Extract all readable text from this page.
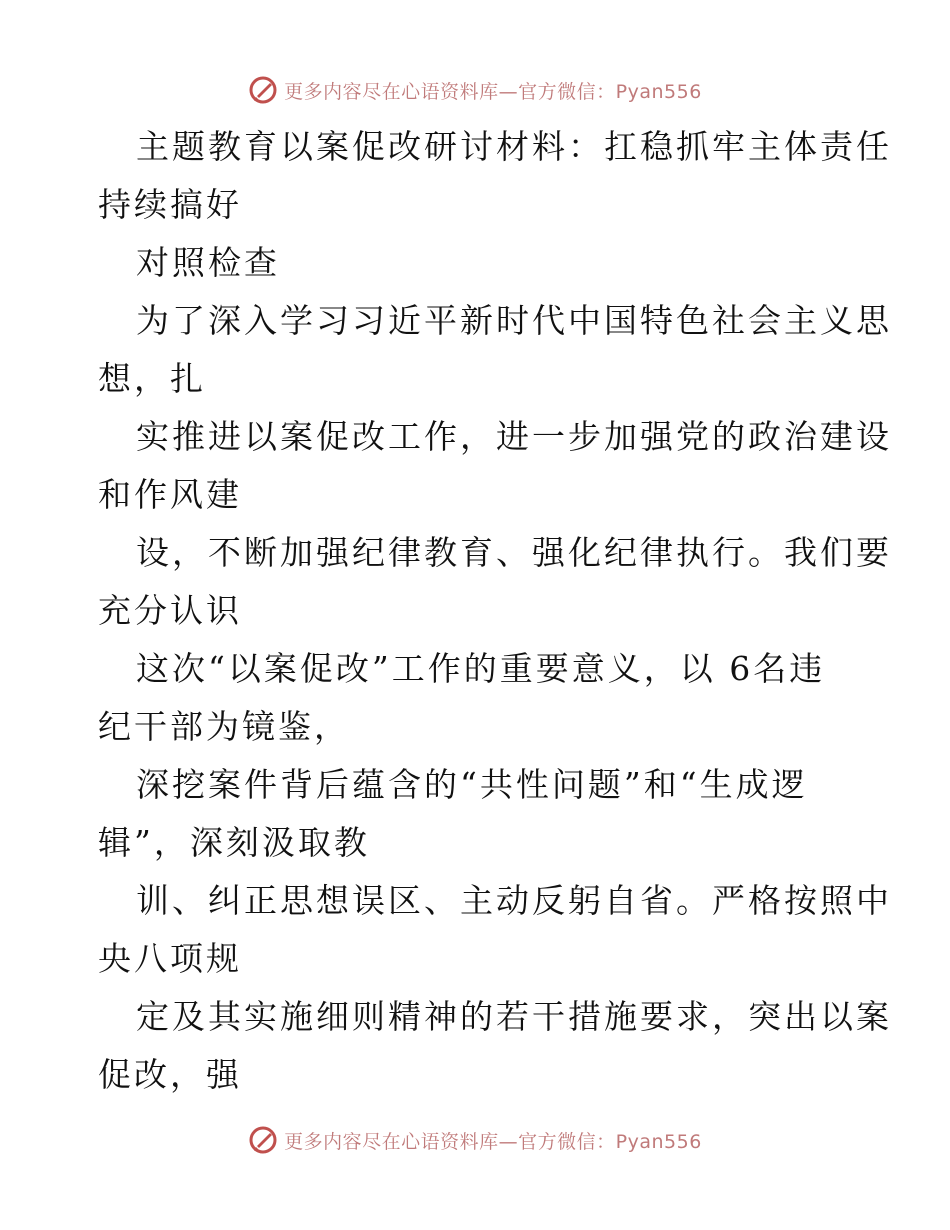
更多内容尽在心语资料库—官方微信：Pyan556
主题教育以案促改研讨材料：扛稳抓牢主体责任
持续搞好
对照检查
为了深入学习习近平新时代中国特色社会主义思
想，扎
实推进以案促改工作，进一步加强党的政治建设
和作风建
设，不断加强纪律教育、强化纪律执行。我们要
充分认识
这次“以案促改”工作的重要意义，以 6名违
纪干部为镜鉴，
深挖案件背后蕴含的“共性问题”和“生成逻
辑”，深刻汲取教
训、纠正思想误区、主动反躬自省。严格按照中
央八项规
定及其实施细则精神的若干措施要求，突出以案
促改，强
更多内容尽在心语资料库—官方微信：Pyan556
